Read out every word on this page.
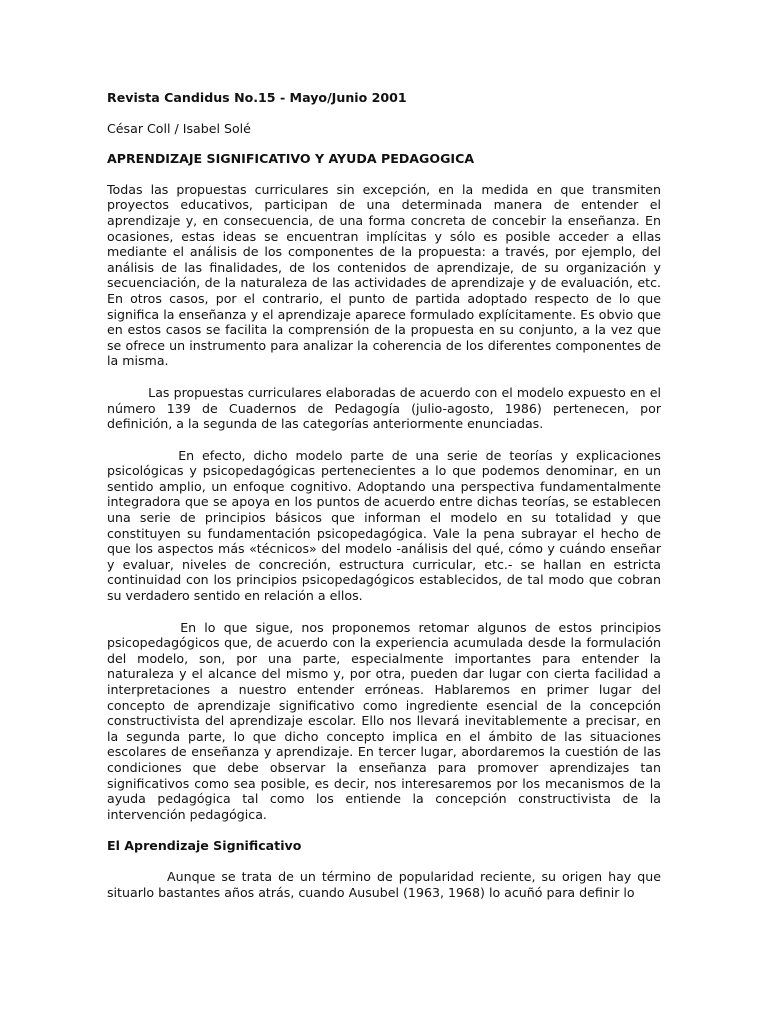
Revista Candidus No.15 - Mayo/Junio 2001
César Coll / Isabel Solé
APRENDIZAJE SIGNIFICATIVO Y AYUDA PEDAGOGICA

Todas las propuestas curriculares sin excepción, en la medida en que transmiten proyectos educativos, participan de una determinada manera de entender el aprendizaje y, en consecuencia, de una forma concreta de concebir la enseñanza. En ocasiones, estas ideas se encuentran implícitas y sólo es posible acceder a ellas mediante el análisis de los componentes de la propuesta: a través, por ejemplo, del análisis de las finalidades, de los contenidos de aprendizaje, de su organización y secuenciación, de la naturaleza de las actividades de aprendizaje y de evaluación, etc. En otros casos, por el contrario, el punto de partida adoptado respecto de lo que significa la enseñanza y el aprendizaje aparece formulado explícitamente. Es obvio que en estos casos se facilita la comprensión de la propuesta en su conjunto, a la vez que se ofrece un instrumento para analizar la coherencia de los diferentes componentes de la misma.

Las propuestas curriculares elaboradas de acuerdo con el modelo expuesto en el número 139 de Cuadernos de Pedagogía (julio-agosto, 1986) pertenecen, por definición, a la segunda de las categorías anteriormente enunciadas.

En efecto, dicho modelo parte de una serie de teorías y explicaciones psicológicas y psicopedagógicas pertenecientes a lo que podemos denominar, en un sentido amplio, un enfoque cognitivo. Adoptando una perspectiva fundamentalmente integradora que se apoya en los puntos de acuerdo entre dichas teorías, se establecen una serie de principios básicos que informan el modelo en su totalidad y que constituyen su fundamentación psicopedagógica. Vale la pena subrayar el hecho de que los aspectos más «técnicos» del modelo -análisis del qué, cómo y cuándo enseñar y evaluar, niveles de concreción, estructura curricular, etc.- se hallan en estricta continuidad con los principios psicopedagógicos establecidos, de tal modo que cobran su verdadero sentido en relación a ellos.

En lo que sigue, nos proponemos retomar algunos de estos principios psicopedagógicos que, de acuerdo con la experiencia acumulada desde la formulación del modelo, son, por una parte, especialmente importantes para entender la naturaleza y el alcance del mismo y, por otra, pueden dar lugar con cierta facilidad a interpretaciones a nuestro entender erróneas. Hablaremos en primer lugar del concepto de aprendizaje significativo como ingrediente esencial de la concepción constructivista del aprendizaje escolar. Ello nos llevará inevitablemente a precisar, en la segunda parte, lo que dicho concepto implica en el ámbito de las situaciones escolares de enseñanza y aprendizaje. En tercer lugar, abordaremos la cuestión de las condiciones que debe observar la enseñanza para promover aprendizajes tan significativos como sea posible, es decir, nos interesaremos por los mecanismos de la ayuda pedagógica tal como los entiende la concepción constructivista de la intervención pedagógica.

El Aprendizaje Significativo

Aunque se trata de un término de popularidad reciente, su origen hay que situarlo bastantes años atrás, cuando Ausubel (1963, 1968) lo acuñó para definir lo
